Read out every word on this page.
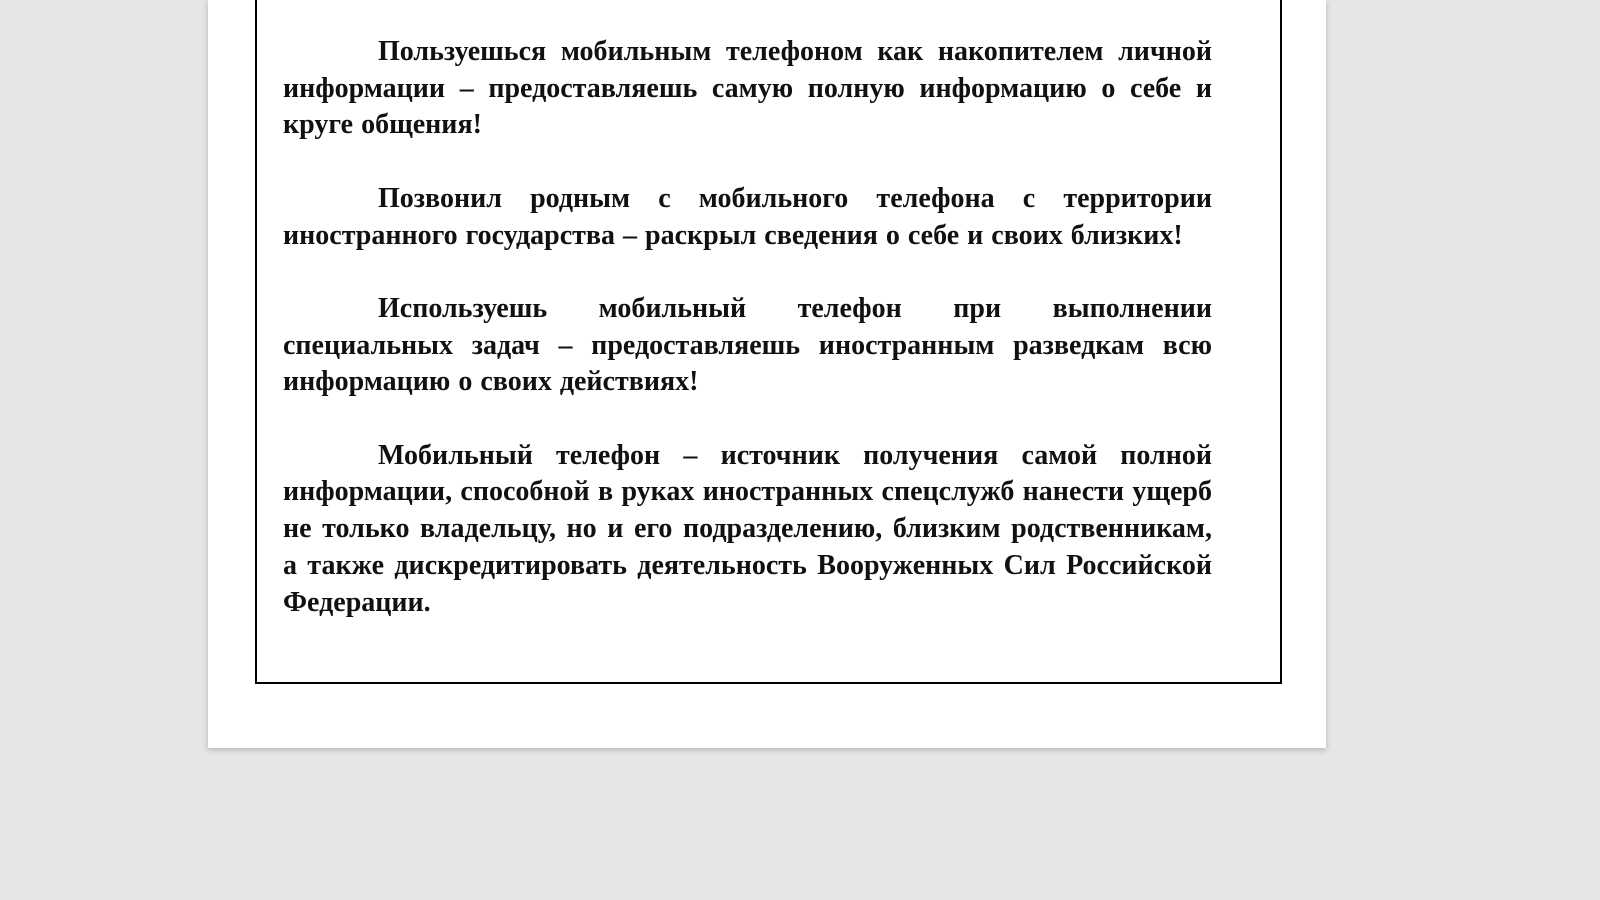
Пользуешься мобильным телефоном как накопителем личной информации – предоставляешь самую полную информацию о себе и круге общения!

Позвонил родным с мобильного телефона с территории иностранного государства – раскрыл сведения о себе и своих близких!

Используешь мобильный телефон при выполнении специальных задач – предоставляешь иностранным разведкам всю информацию о своих действиях!

Мобильный телефон – источник получения самой полной информации, способной в руках иностранных спецслужб нанести ущерб не только владельцу, но и его подразделению, близким родственникам, а также дискредитировать деятельность Вооруженных Сил Российской Федерации.
